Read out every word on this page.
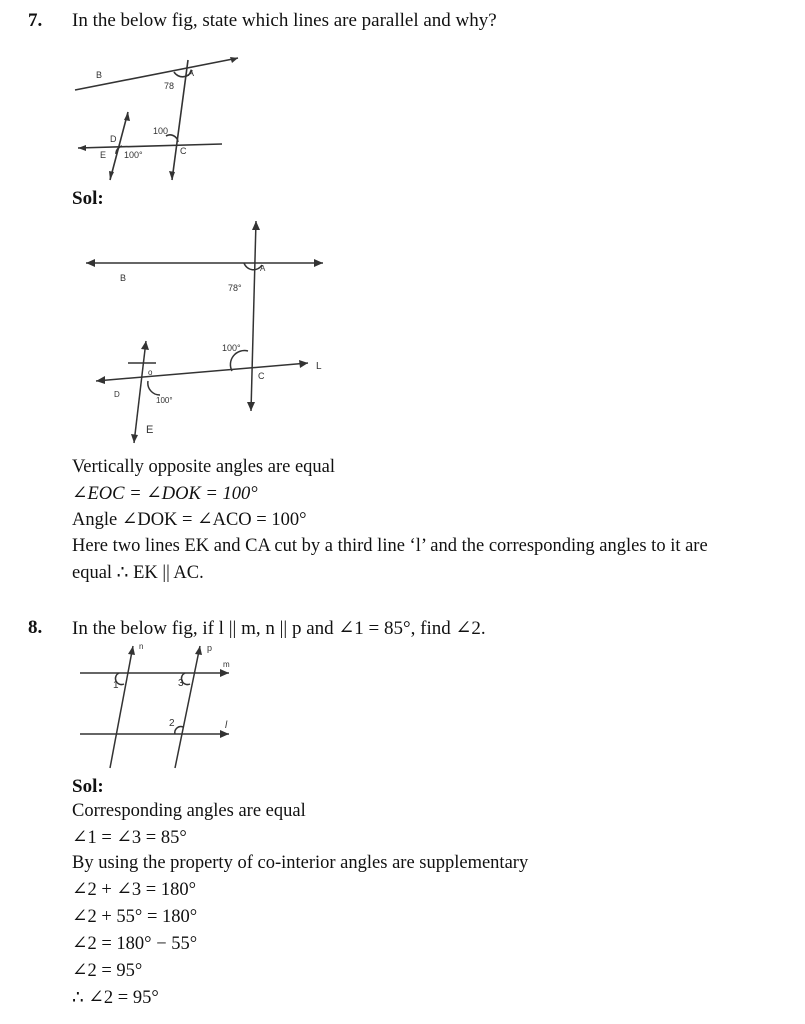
7. In the below fig, state which lines are parallel and why?
B	A
78
100
D
E 100°	C
Sol:
B
A
78°
100°
L
C
o
D
100°
E
Vertically opposite angles are equal
∠EOC = ∠DOK = 100°
Angle ∠DOK = ∠ACO = 100°
Here two lines EK and CA cut by a third line ‘l’ and the corresponding angles to it are
equal ∴ EK || AC.
8. In the below fig, if l || m, n || p and ∠1 = 85°, find ∠2.
n	p
m
l
1	3
2
Sol:
Corresponding angles are equal
∠1 = ∠3 = 85°
By using the property of co-interior angles are supplementary
∠2 + ∠3 = 180°
∠2 + 55° = 180°
∠2 = 180° − 55°
∠2 = 95°
∴ ∠2 = 95°
